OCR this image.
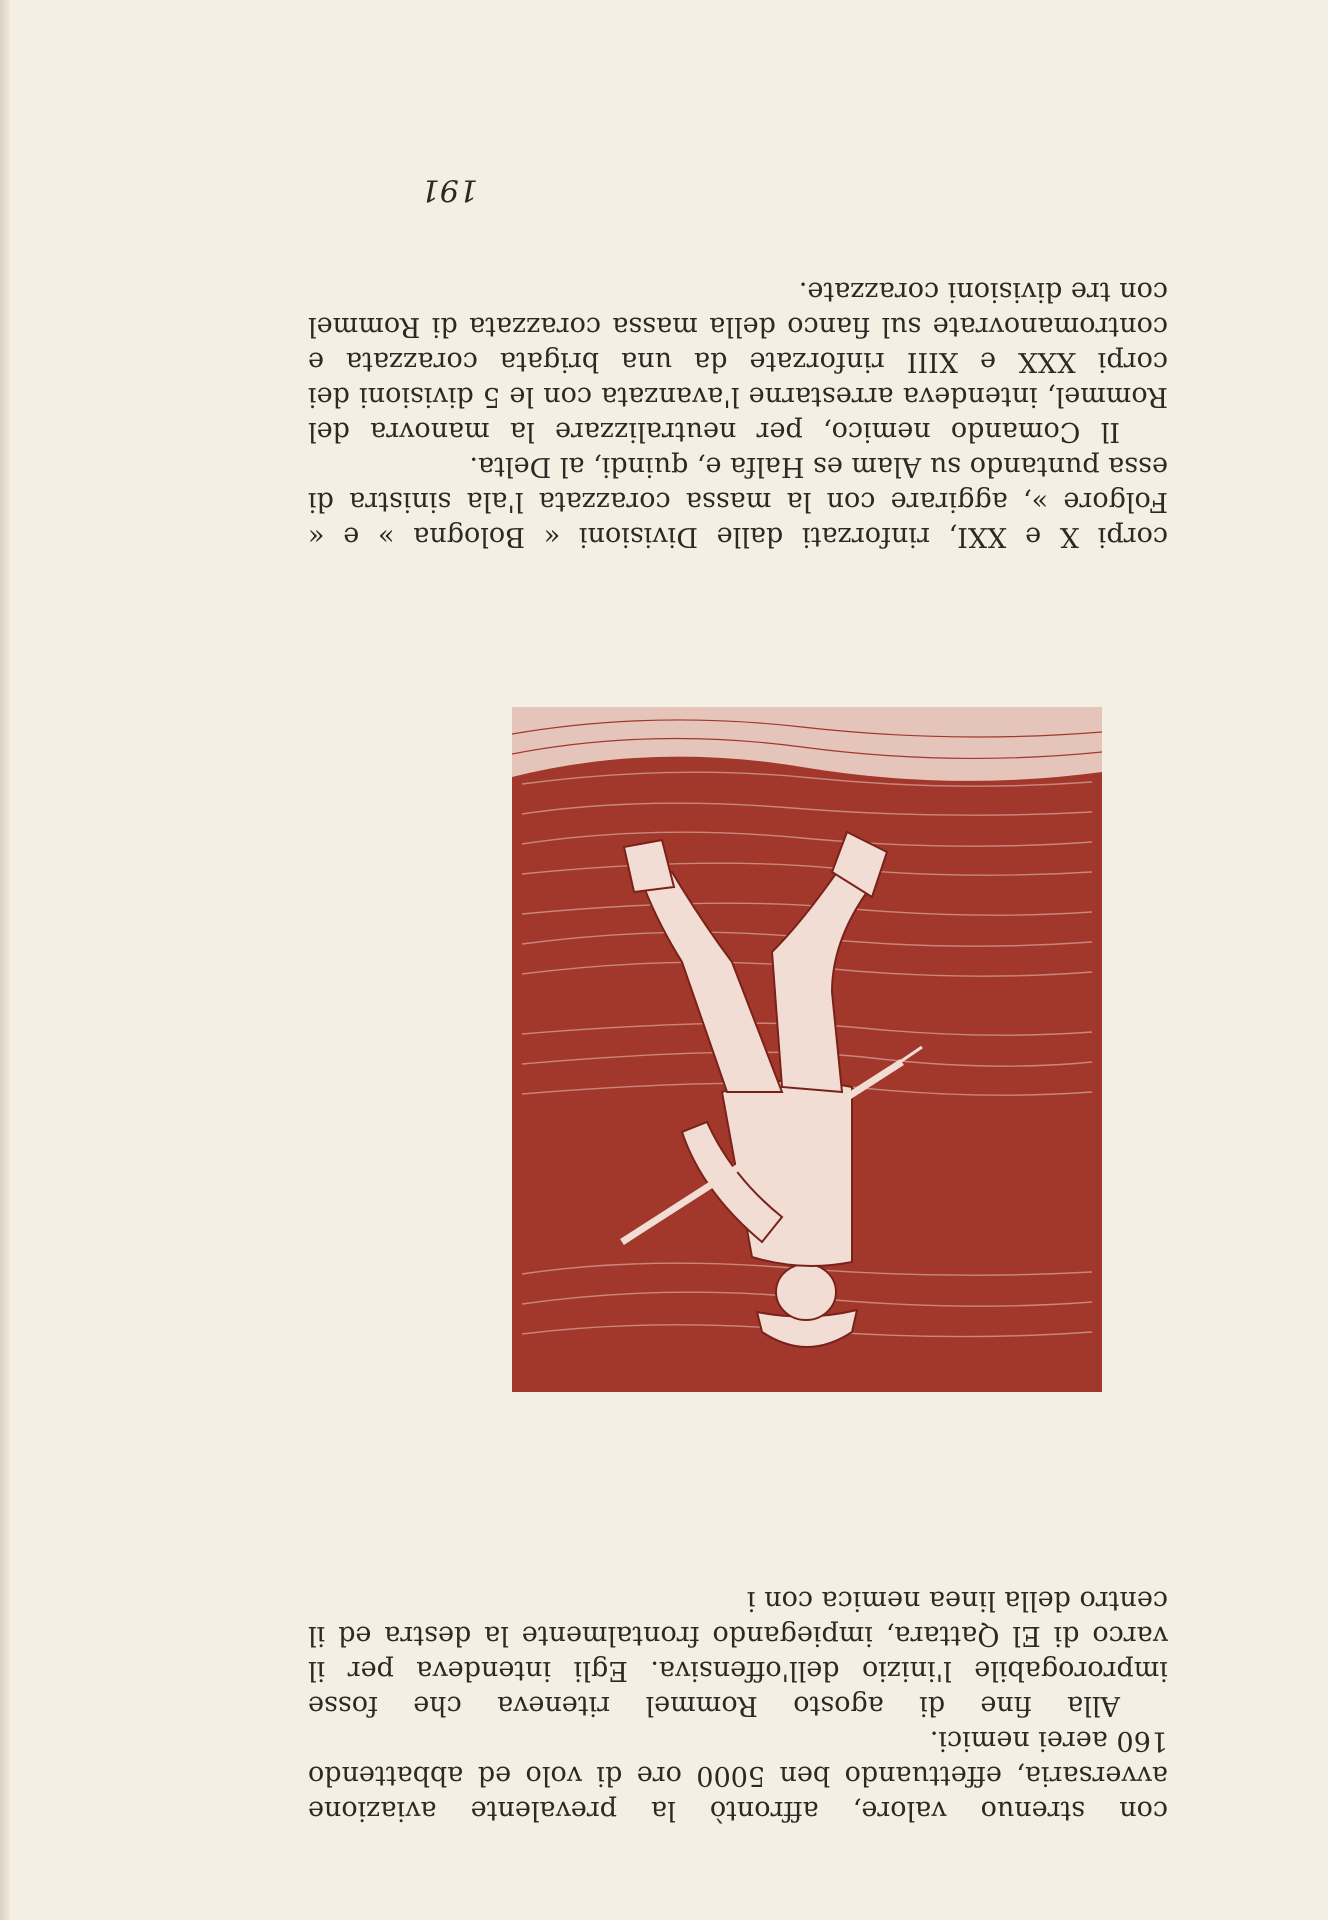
con strenuo valore, affrontò la prevalente aviazione avversaria, effettuando ben 5000 ore di volo ed abbattendo 160 aerei nemici.

Alla fine di agosto Rommel riteneva che fosse improrogabile l'inizio dell'offensiva. Egli intendeva per il varco di El Qattara, impiegando frontalmente la destra ed il centro della linea nemica con i

corpi X e XXI, rinforzati dalle Divisioni « Bologna » e « Folgore », aggirare con la massa corazzata l'ala sinistra di essa puntando su Alam es Halfa e, quindi, al Delta.

Il Comando nemico, per neutralizzare la manovra del Rommel, intendeva arrestarne l'avanzata con le 5 divisioni dei corpi XXX e XIII rinforzate da una brigata corazzata e contromanovrate sul fianco della massa corazzata di Rommel con tre divisioni corazzate.

191
